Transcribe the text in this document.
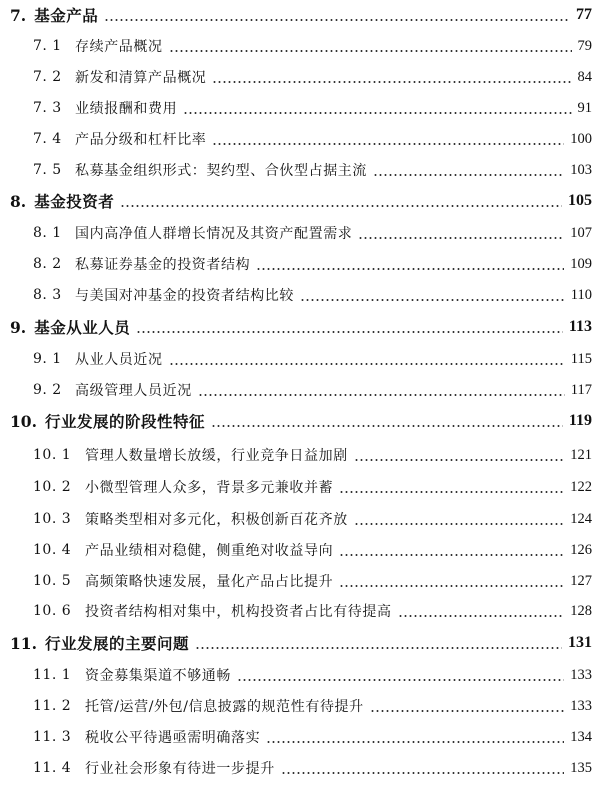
7. 基金产品	77
7. 1 存续产品概况	79
7. 2 新发和清算产品概况	84
7. 3 业绩报酬和费用	91
7. 4 产品分级和杠杆比率	100
7. 5 私募基金组织形式：契约型、合伙型占据主流	103
8. 基金投资者	105
8. 1 国内高净值人群增长情况及其资产配置需求	107
8. 2 私募证券基金的投资者结构	109
8. 3 与美国对冲基金的投资者结构比较	110
9. 基金从业人员	113
9. 1 从业人员近况	115
9. 2 高级管理人员近况	117
10. 行业发展的阶段性特征	119
10. 1 管理人数量增长放缓，行业竞争日益加剧	121
10. 2 小微型管理人众多，背景多元兼收并蓄	122
10. 3 策略类型相对多元化，积极创新百花齐放	124
10. 4 产品业绩相对稳健，侧重绝对收益导向	126
10. 5 高频策略快速发展，量化产品占比提升	127
10. 6 投资者结构相对集中，机构投资者占比有待提高	128
11. 行业发展的主要问题	131
11. 1 资金募集渠道不够通畅	133
11. 2 托管/运营/外包/信息披露的规范性有待提升	133
11. 3 税收公平待遇亟需明确落实	134
11. 4 行业社会形象有待进一步提升	135
